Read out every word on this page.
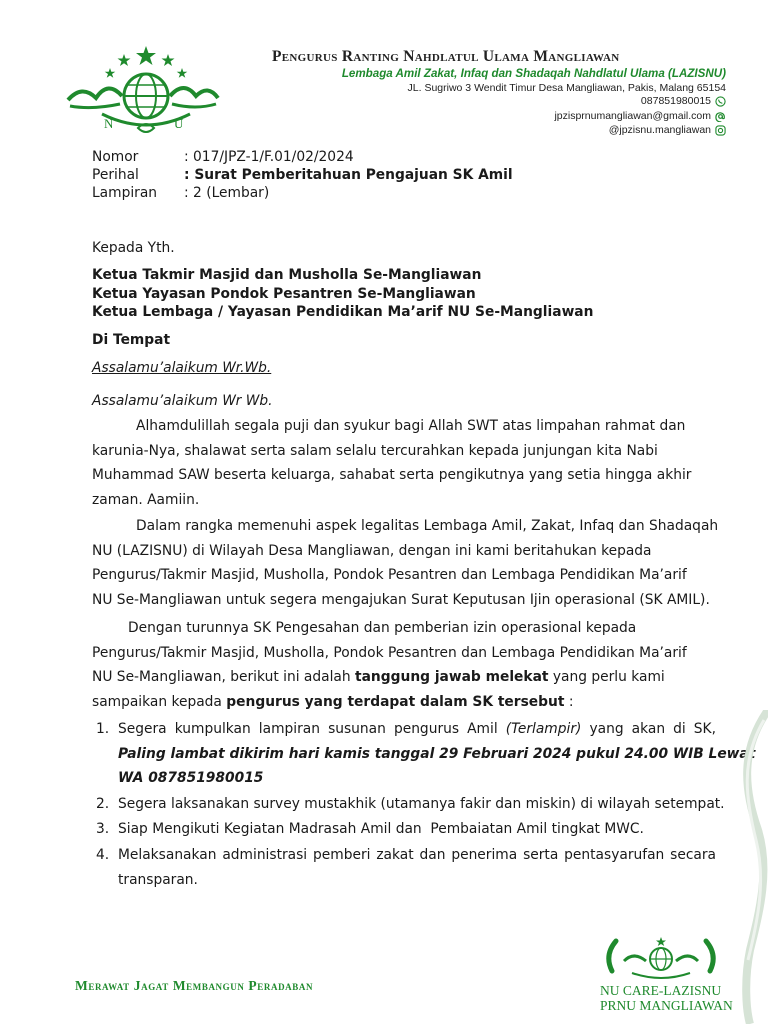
N	U
Pengurus Ranting Nahdlatul Ulama Mangliawan
Lembaga Amil Zakat, Infaq dan Shadaqah Nahdlatul Ulama (LAZISNU)
JL. Sugriwo 3 Wendit Timur Desa Mangliawan, Pakis, Malang 65154
087851980015
jpzisprnumangliawan@gmail.com
@jpzisnu.mangliawan
Nomor	: 017/JPZ-1/F.01/02/2024
Perihal	: Surat Pemberitahuan Pengajuan SK Amil
Lampiran : 2 (Lembar)
Kepada Yth.
Ketua Takmir Masjid dan Musholla Se-Mangliawan
Ketua Yayasan Pondok Pesantren Se-Mangliawan
Ketua Lembaga / Yayasan Pendidikan Ma’arif NU Se-Mangliawan
Di Tempat
Assalamu’alaikum Wr.Wb.
Assalamu’alaikum Wr Wb.
Alhamdulillah segala puji dan syukur bagi Allah SWT atas limpahan rahmat dan
karunia-Nya, shalawat serta salam selalu tercurahkan kepada junjungan kita Nabi
Muhammad SAW beserta keluarga, sahabat serta pengikutnya yang setia hingga akhir
zaman. Aamiin.
Dalam rangka memenuhi aspek legalitas Lembaga Amil, Zakat, Infaq dan Shadaqah
NU (LAZISNU) di Wilayah Desa Mangliawan, dengan ini kami beritahukan kepada
Pengurus/Takmir Masjid, Musholla, Pondok Pesantren dan Lembaga Pendidikan Ma’arif
NU Se-Mangliawan untuk segera mengajukan Surat Keputusan Ijin operasional (SK AMIL).
Dengan turunnya SK Pengesahan dan pemberian izin operasional kepada
Pengurus/Takmir Masjid, Musholla, Pondok Pesantren dan Lembaga Pendidikan Ma’arif
NU Se-Mangliawan, berikut ini adalah tanggung jawab melekat yang perlu kami
sampaikan kepada pengurus yang terdapat dalam SK tersebut :
1. Segera kumpulkan lampiran susunan pengurus Amil (Terlampir) yang akan di SK,
Paling lambat dikirim hari kamis tanggal 29 Februari 2024 pukul 24.00 WIB Lewat
WA 087851980015
2. Segera laksanakan survey mustakhik (utamanya fakir dan miskin) di wilayah setempat.
3. Siap Mengikuti Kegiatan Madrasah Amil dan  Pembaiatan Amil tingkat MWC.
4. Melaksanakan administrasi pemberi zakat dan penerima serta pentasyarufan secara
transparan.
Merawat Jagat Membangun Peradaban	NU CARE-LAZISNU
PRNU MANGLIAWAN
